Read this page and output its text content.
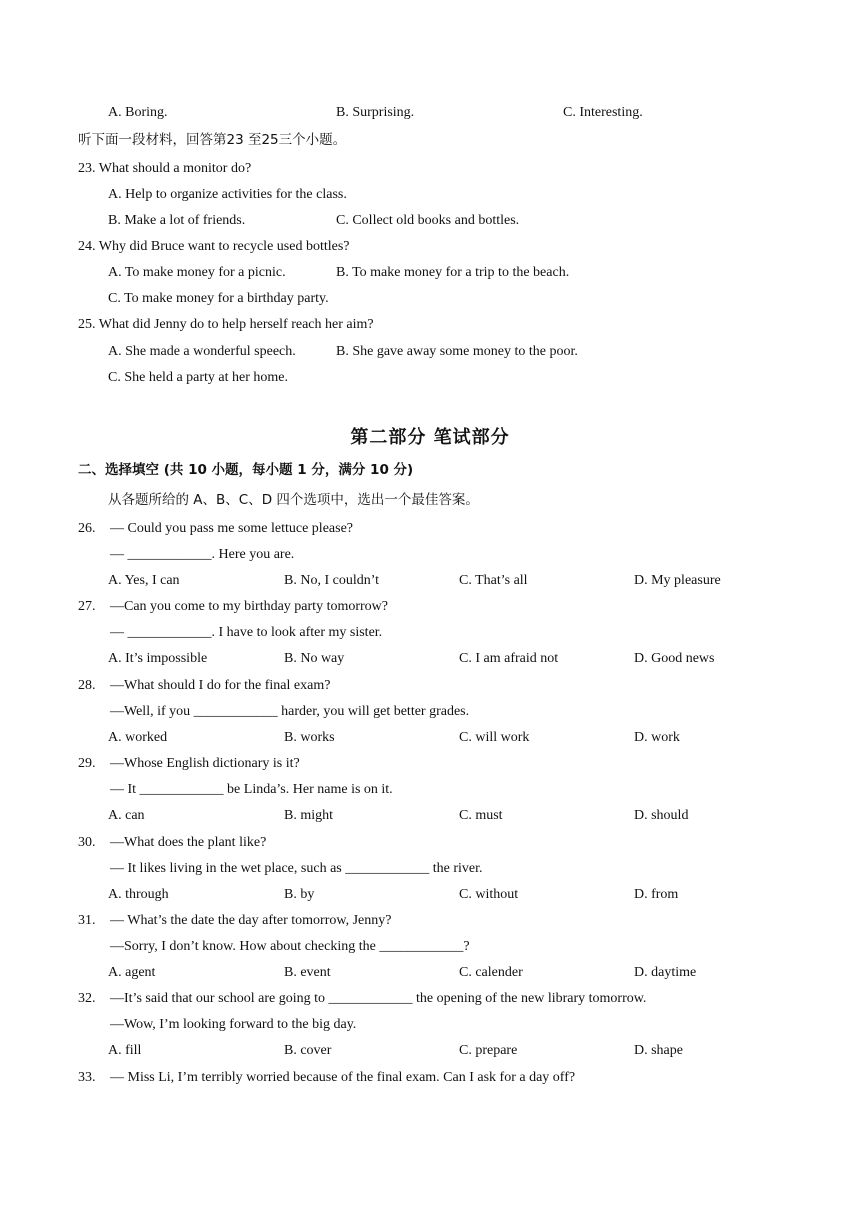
A. Boring.	B. Surprising.	C. Interesting.
听下面一段材料，回答第23 至25三个小题。
23. What should a monitor do?
A. Help to organize activities for the class.
B. Make a lot of friends.	C. Collect old books and bottles.
24. Why did Bruce want to recycle used bottles?
A. To make money for a picnic.	B. To make money for a trip to the beach.
C. To make money for a birthday party.
25. What did Jenny do to help herself reach her aim?
A. She made a wonderful speech.	B. She gave away some money to the poor.
C. She held a party at her home.
第二部分 笔试部分
二、选择填空 (共 10 小题，每小题 1 分，满分 10 分)
从各题所给的 A、B、C、D 四个选项中，选出一个最佳答案。
26. — Could you pass me some lettuce please?
— ____________. Here you are.
A. Yes, I can	B. No, I couldn’t	C. That’s all	D. My pleasure
27. —Can you come to my birthday party tomorrow?
— ____________. I have to look after my sister.
A. It’s impossible	B. No way	C. I am afraid not	D. Good news
28. —What should I do for the final exam?
—Well, if you ____________ harder, you will get better grades.
A. worked	B. works	C. will work	D. work
29. —Whose English dictionary is it?
— It ____________ be Linda’s. Her name is on it.
A. can	B. might	C. must	D. should
30. —What does the plant like?
— It likes living in the wet place, such as ____________ the river.
A. through	B. by	C. without	D. from
31. — What’s the date the day after tomorrow, Jenny?
—Sorry, I don’t know. How about checking the ____________?
A. agent	B. event	C. calender	D. daytime
32. —It’s said that our school are going to ____________ the opening of the new library tomorrow.
—Wow, I’m looking forward to the big day.
A. fill	B. cover	C. prepare	D. shape
33. — Miss Li, I’m terribly worried because of the final exam. Can I ask for a day off?
